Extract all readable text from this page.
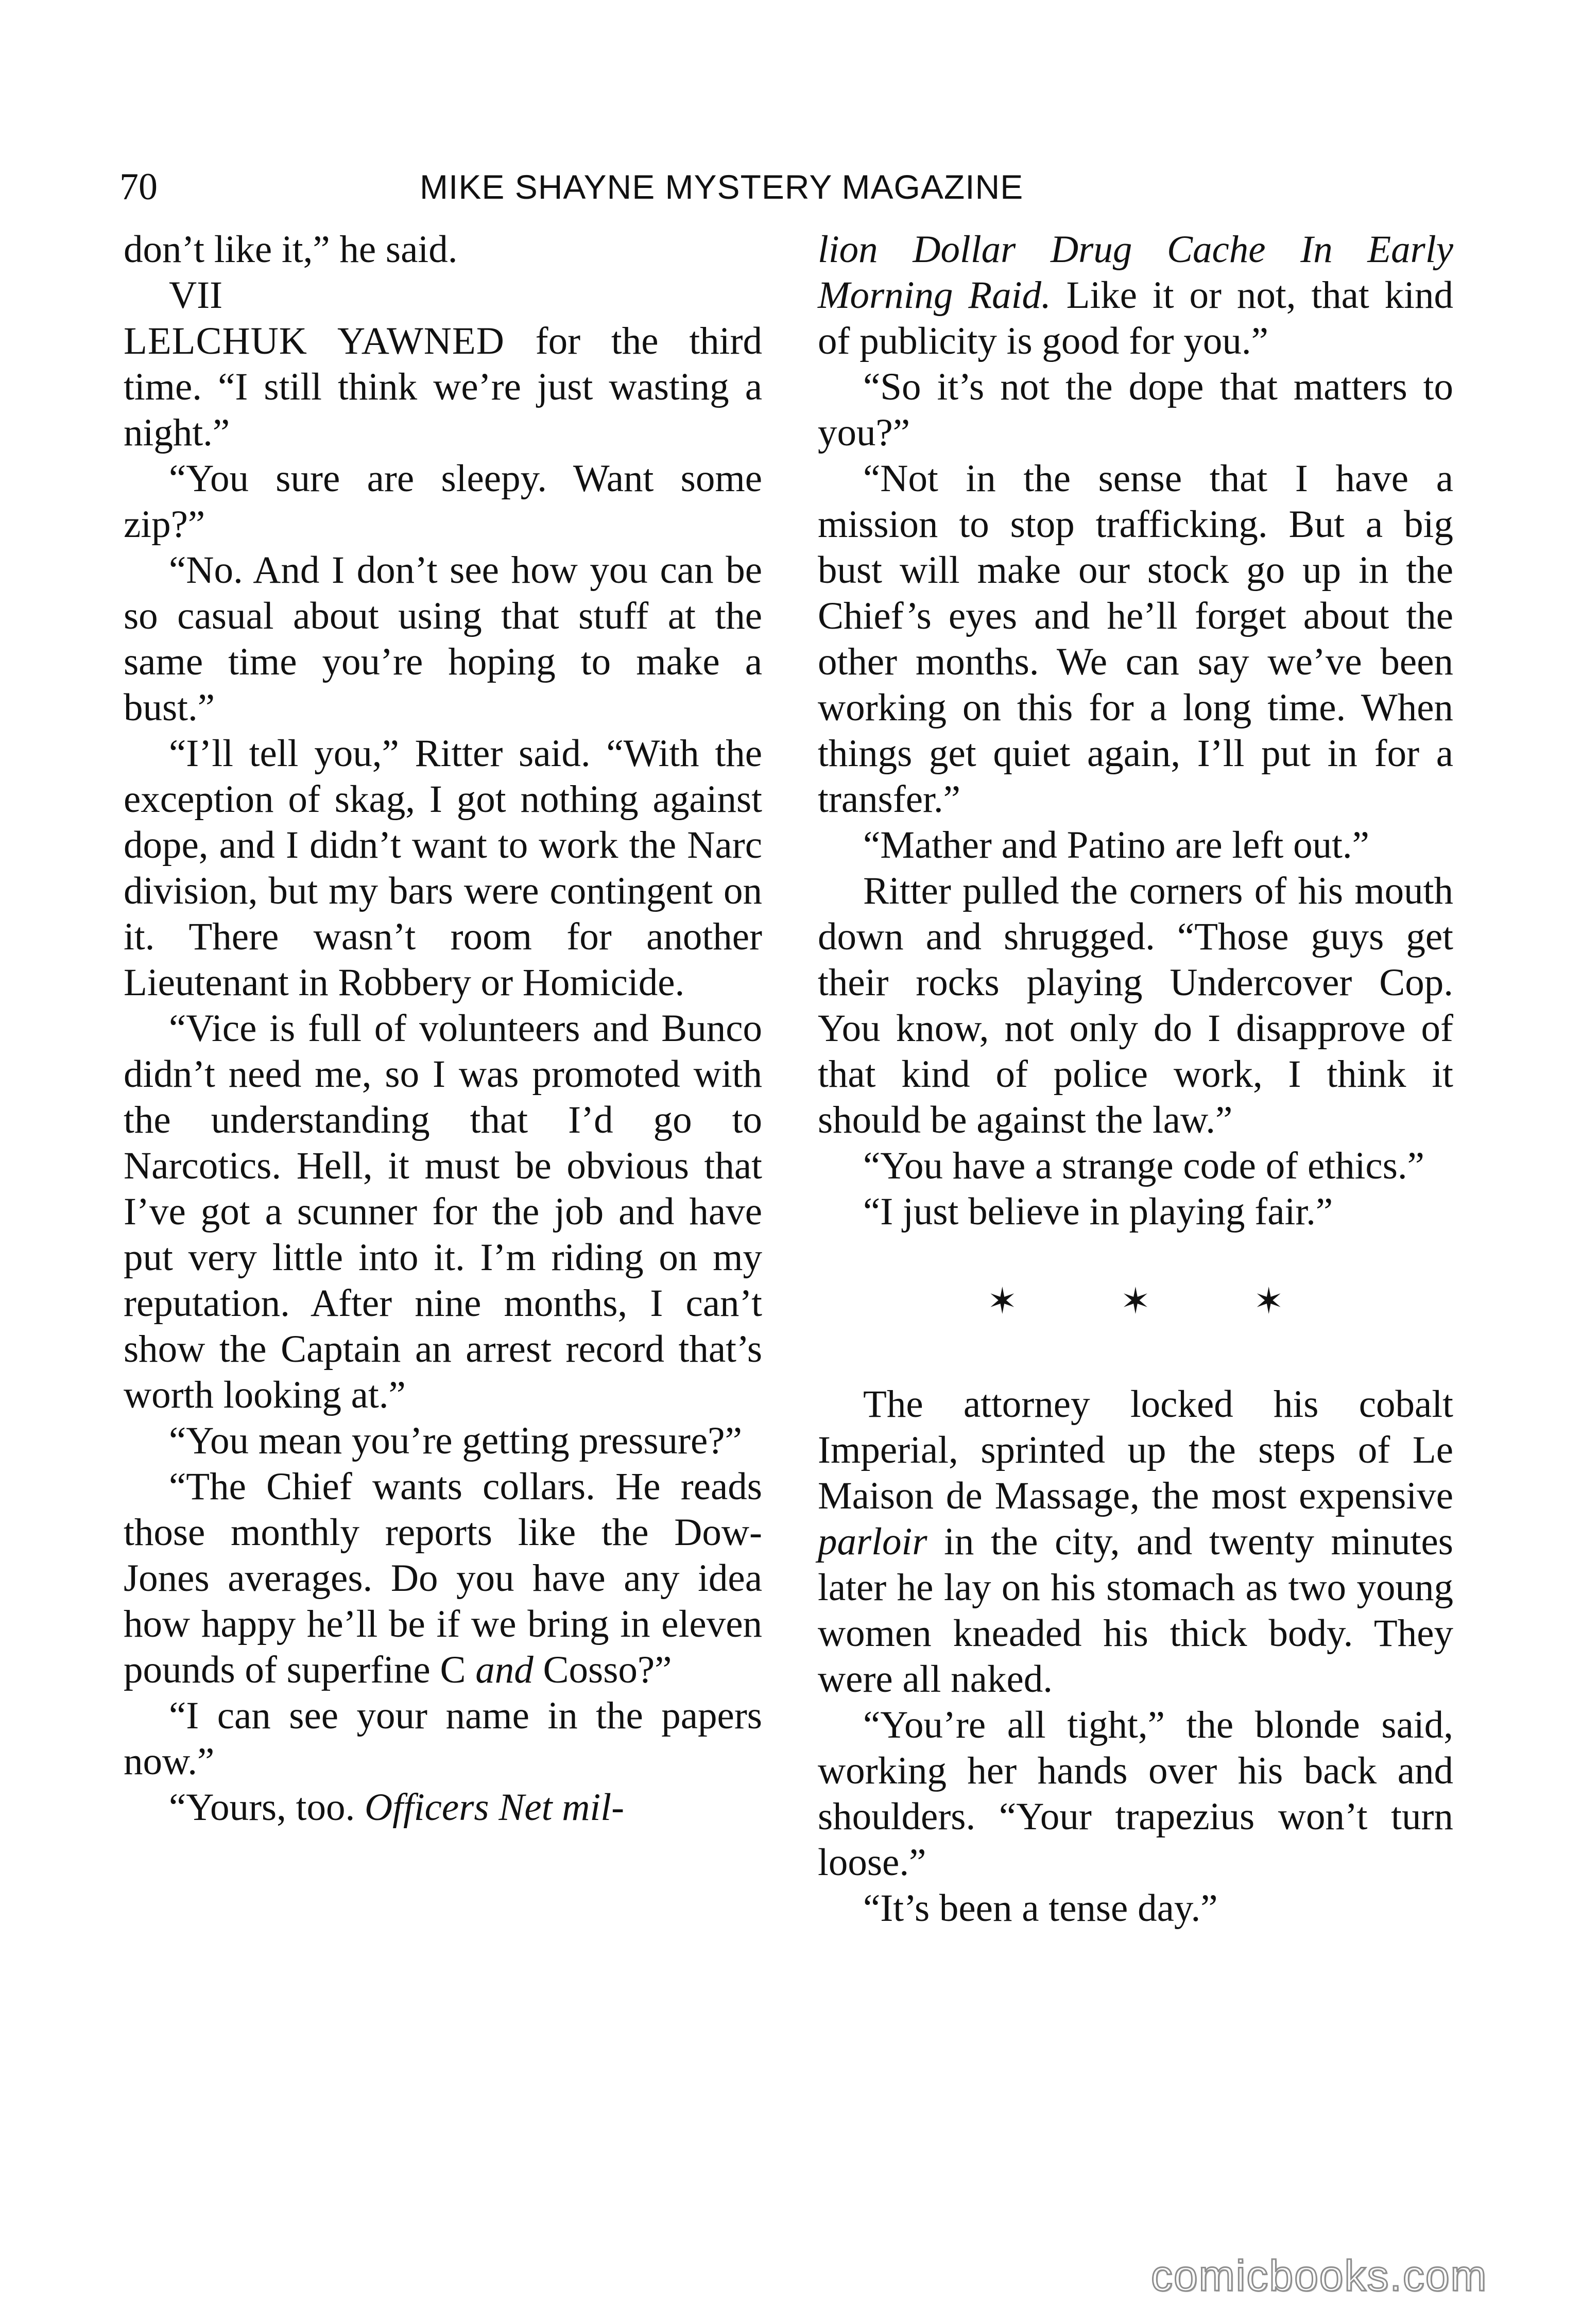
70	MIKE SHAYNE MYSTERY MAGAZINE

don’t like it,” he said.

VII

LELCHUK YAWNED for the third time. “I still think we’re just wasting a night.”

“You sure are sleepy. Want some zip?”

“No. And I don’t see how you can be so casual about using that stuff at the same time you’re hoping to make a bust.”

“I’ll tell you,” Ritter said. “With the exception of skag, I got nothing against dope, and I didn’t want to work the Narc division, but my bars were contingent on it. There wasn’t room for another Lieutenant in Robbery or Homicide.

“Vice is full of volunteers and Bunco didn’t need me, so I was promoted with the understanding that I’d go to Narcotics. Hell, it must be obvious that I’ve got a scunner for the job and have put very little into it. I’m riding on my reputation. After nine months, I can’t show the Captain an arrest record that’s worth looking at.”

“You mean you’re getting pressure?”

“The Chief wants collars. He reads those monthly reports like the Dow-Jones averages. Do you have any idea how happy he’ll be if we bring in eleven pounds of superfine C and Cosso?”

“I can see your name in the papers now.”

“Yours, too. Officers Net mil-

lion Dollar Drug Cache In Early Morning Raid. Like it or not, that kind of publicity is good for you.”

“So it’s not the dope that matters to you?”

“Not in the sense that I have a mission to stop trafficking. But a big bust will make our stock go up in the Chief’s eyes and he’ll forget about the other months. We can say we’ve been working on this for a long time. When things get quiet again, I’ll put in for a transfer.”

“Mather and Patino are left out.”

Ritter pulled the corners of his mouth down and shrugged. “Those guys get their rocks playing Undercover Cop. You know, not only do I disapprove of that kind of police work, I think it should be against the law.”

“You have a strange code of ethics.”

“I just believe in playing fair.”

✶✶✶

The attorney locked his cobalt Imperial, sprinted up the steps of Le Maison de Massage, the most expensive parloir in the city, and twenty minutes later he lay on his stomach as two young women kneaded his thick body. They were all naked.

“You’re all tight,” the blonde said, working her hands over his back and shoulders. “Your trapezius won’t turn loose.”

“It’s been a tense day.”

comicbooks.com
